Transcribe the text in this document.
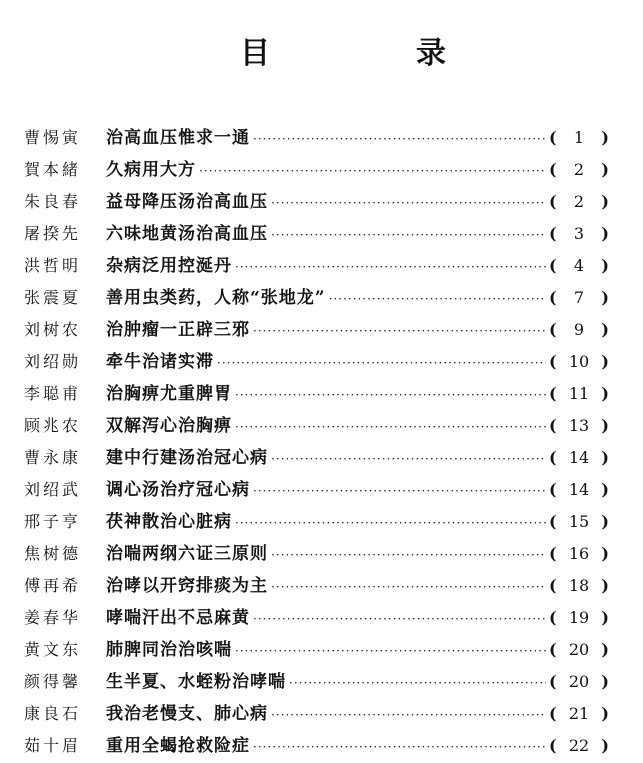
目　录
曹惕寅	治高血压惟求一通 ·····	(	1	)
賀本緒	久病用大方 ·····	(	2	)
朱良春	益母降压汤治高血压 ·····	(	2	)
屠揆先	六味地黄汤治高血压 ·····	(	3	)
洪哲明	杂病泛用控涎丹 ·····	(	4	)
张震夏	善用虫类药，人称“张地龙” ·····	(	7	)
刘树农	治肿瘤一正辟三邪 ·····	(	9	)
刘绍勋	牵牛治诸实滞 ·····	( 10 )
李聪甫	治胸痹尤重脾胃 ·····	( 11 )
顾兆农	双解泻心治胸痹 ·····	( 13 )
曹永康	建中行建汤治冠心病 ·····	( 14 )
刘绍武	调心汤治疗冠心病 ·····	( 14 )
邢子亨	茯神散治心脏病 ·····	( 15 )
焦树德	治喘两纲六证三原则 ·····	( 16 )
傅再希	治哮以开窍排痰为主 ·····	( 18 )
姜春华	哮喘汗出不忌麻黄 ·····	( 19 )
黄文东	肺脾同治治咳喘 ·····	( 20 )
颜得馨	生半夏、水蛭粉治哮喘 ·····	( 20 )
康良石	我治老慢支、肺心病 ·····	( 21 )
茹十眉	重用全蝎抢救险症 ·····	( 22 )
